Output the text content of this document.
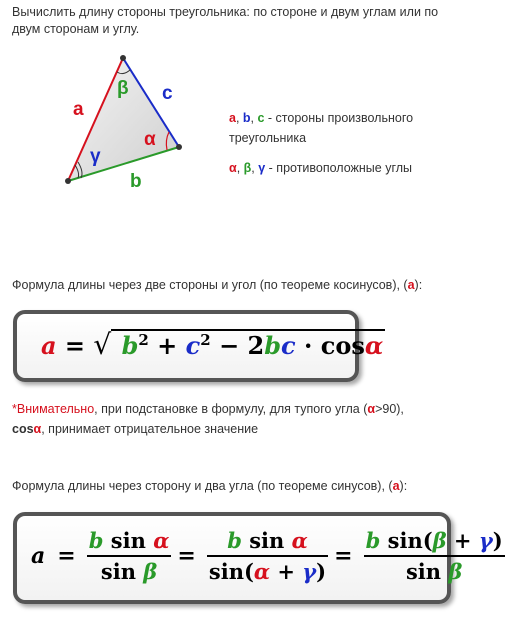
Вычислить длину стороны треугольника: по стороне и двум углам или по двум сторонам и углу.
a
c
b
β
α
γ
a, b, c - стороны произвольного треугольника
α, β, γ - противоположные углы
Формула длины через две стороны и угол (по теореме косинусов), (a):
a = √ $b^2 + c^2 - 2bc \cdot \cos\alpha$
*Внимательно, при подстановке в формулу, для тупого угла (α>90),
cosα, принимает отрицательное значение
Формула длины через сторону и два угла (по теореме синусов), (a):
$a = \frac{\text{b sin α}}{\text{sin β}} = \frac{\text{b sin α}}{\sin(\alpha + \gamma)} = \frac{\text{b sin(β + γ)}}{\text{sin β}}$
